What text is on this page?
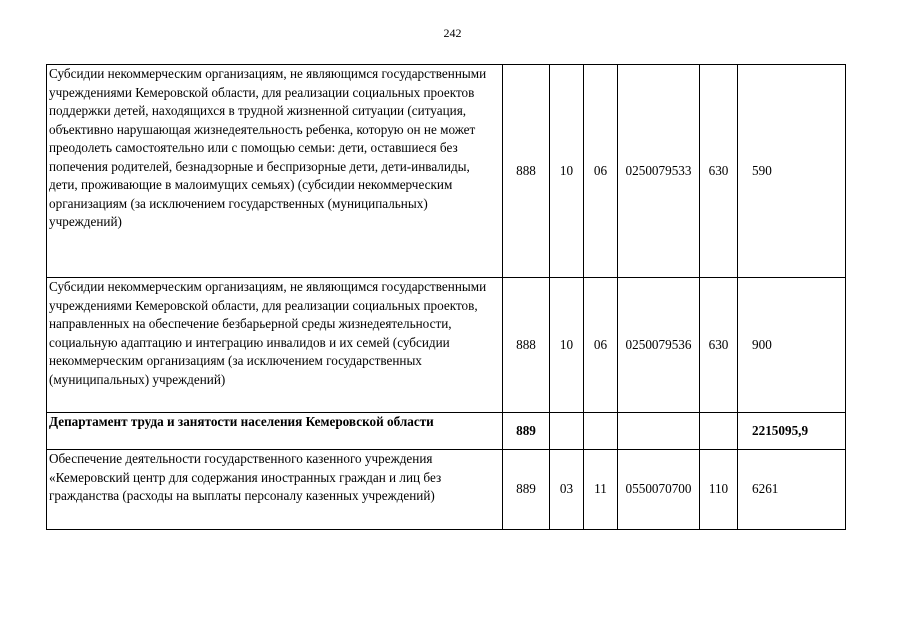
242
Субсидии некоммерческим организациям, не являющимся государственными учреждениями Кемеровской области, для реализации социальных проектов поддержки детей, находящихся в трудной жизненной ситуации (ситуация, объективно нарушающая жизнедеятельность ребенка, которую он не может преодолеть самостоятельно или с помощью семьи: дети, оставшиеся без попечения родителей, безнадзорные и беспризорные дети, дети-инвалиды, дети, проживающие в малоимущих семьях) (субсидии некоммерческим организациям (за исключением государственных (муниципальных) учреждений)	888	10	06	0250079533	630	590
Субсидии некоммерческим организациям, не являющимся государственными учреждениями Кемеровской области, для реализации социальных проектов, направленных на обеспечение безбарьерной среды жизнедеятельности, социальную адаптацию и интеграцию инвалидов и их семей (субсидии некоммерческим организациям (за исключением государственных (муниципальных) учреждений)	888	10	06	0250079536	630	900
Департамент труда и занятости населения Кемеровской области	889					2215095,9
Обеспечение деятельности государственного казенного учреждения «Кемеровский центр для содержания иностранных граждан и лиц без гражданства (расходы на выплаты персоналу казенных учреждений)	889	03	11	0550070700	110	6261
